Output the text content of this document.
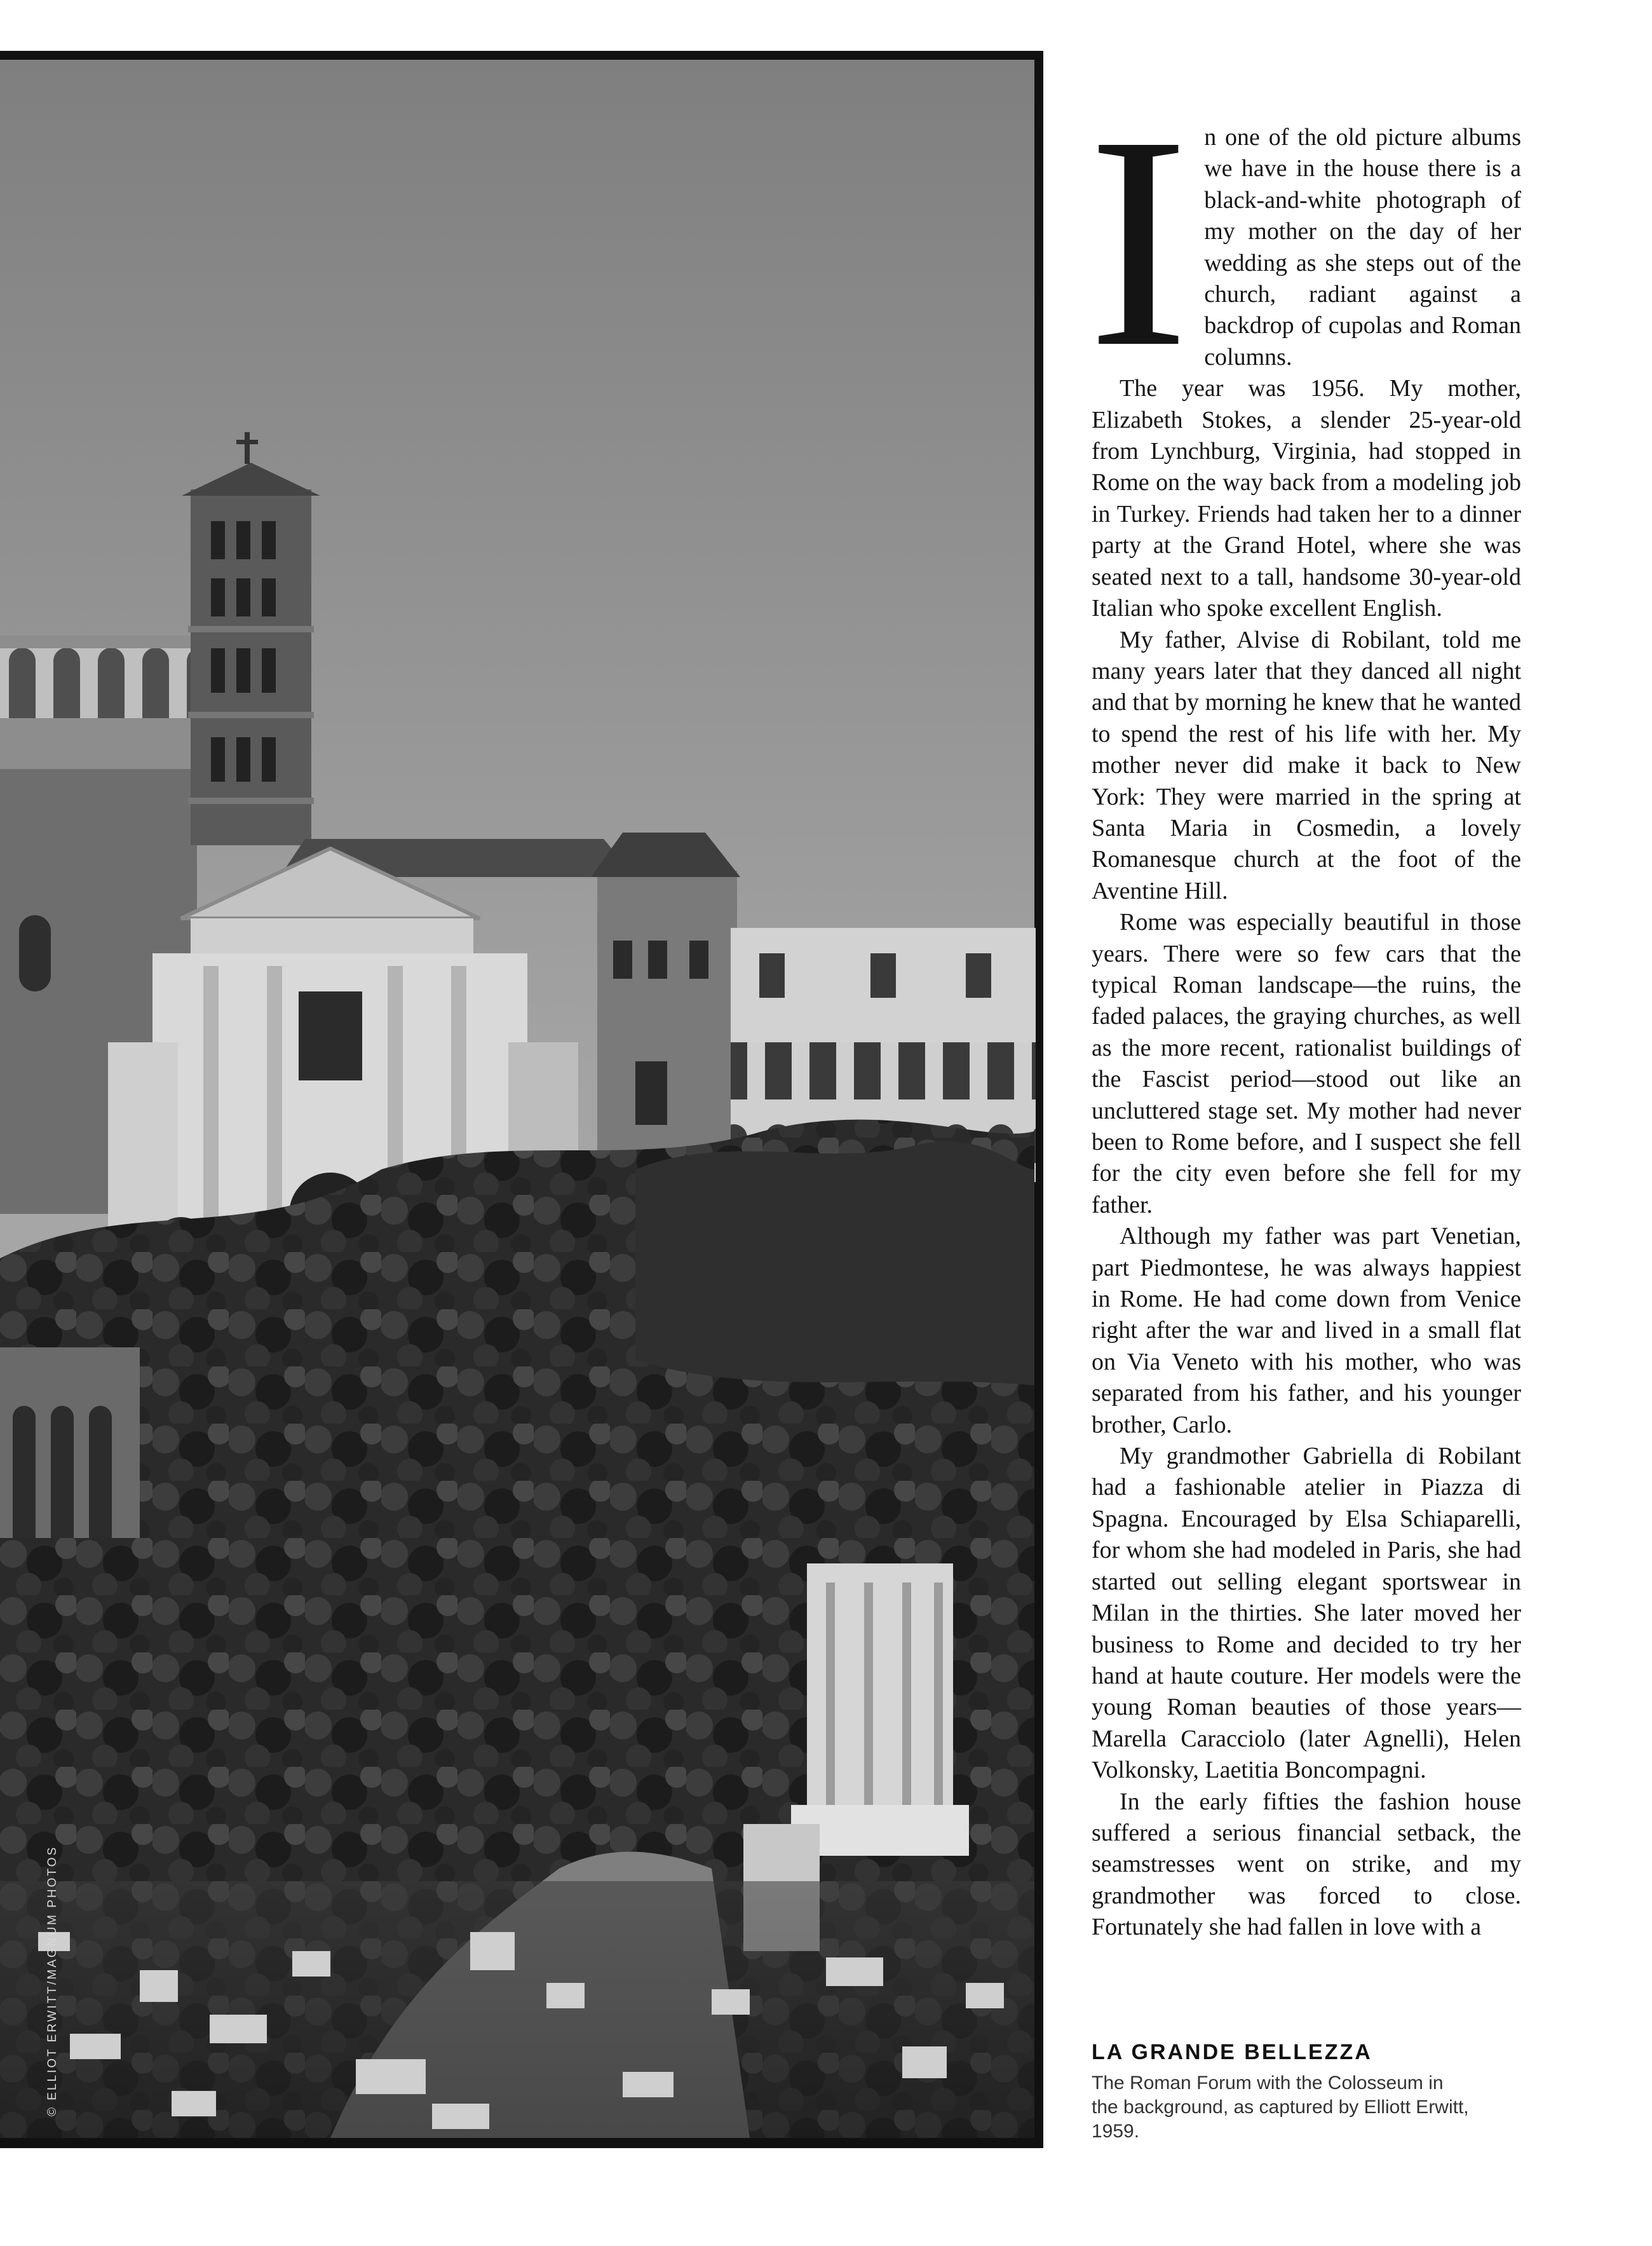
© ELLIOT ERWITT/MAGNUM PHOTOS

In one of the old picture albums we have in the house there is a black-and-white photograph of my mother on the day of her wedding as she steps out of the church, radiant against a backdrop of cupolas and Roman columns.

The year was 1956. My mother, Elizabeth Stokes, a slender 25-year-old from Lynchburg, Virginia, had stopped in Rome on the way back from a modeling job in Turkey. Friends had taken her to a dinner party at the Grand Hotel, where she was seated next to a tall, handsome 30-year-old Italian who spoke excellent English.

My father, Alvise di Robilant, told me many years later that they danced all night and that by morning he knew that he wanted to spend the rest of his life with her. My mother never did make it back to New York: They were married in the spring at Santa Maria in Cosmedin, a lovely Romanesque church at the foot of the Aventine Hill.

Rome was especially beautiful in those years. There were so few cars that the typical Roman landscape—the ruins, the faded palaces, the graying churches, as well as the more recent, rationalist buildings of the Fascist period—stood out like an uncluttered stage set. My mother had never been to Rome before, and I suspect she fell for the city even before she fell for my father.

Although my father was part Venetian, part Piedmontese, he was always happiest in Rome. He had come down from Venice right after the war and lived in a small flat on Via Veneto with his mother, who was separated from his father, and his younger brother, Carlo.

My grandmother Gabriella di Robilant had a fashionable atelier in Piazza di Spagna. Encouraged by Elsa Schiaparelli, for whom she had modeled in Paris, she had started out selling elegant sportswear in Milan in the thirties. She later moved her business to Rome and decided to try her hand at haute couture. Her models were the young Roman beauties of those years—Marella Caracciolo (later Agnelli), Helen Volkonsky, Laetitia Boncompagni.

In the early fifties the fashion house suffered a serious financial setback, the seamstresses went on strike, and my grandmother was forced to close. Fortunately she had fallen in love with a

LA GRANDE BELLEZZA
The Roman Forum with the Colosseum in the background, as captured by Elliott Erwitt, 1959.
